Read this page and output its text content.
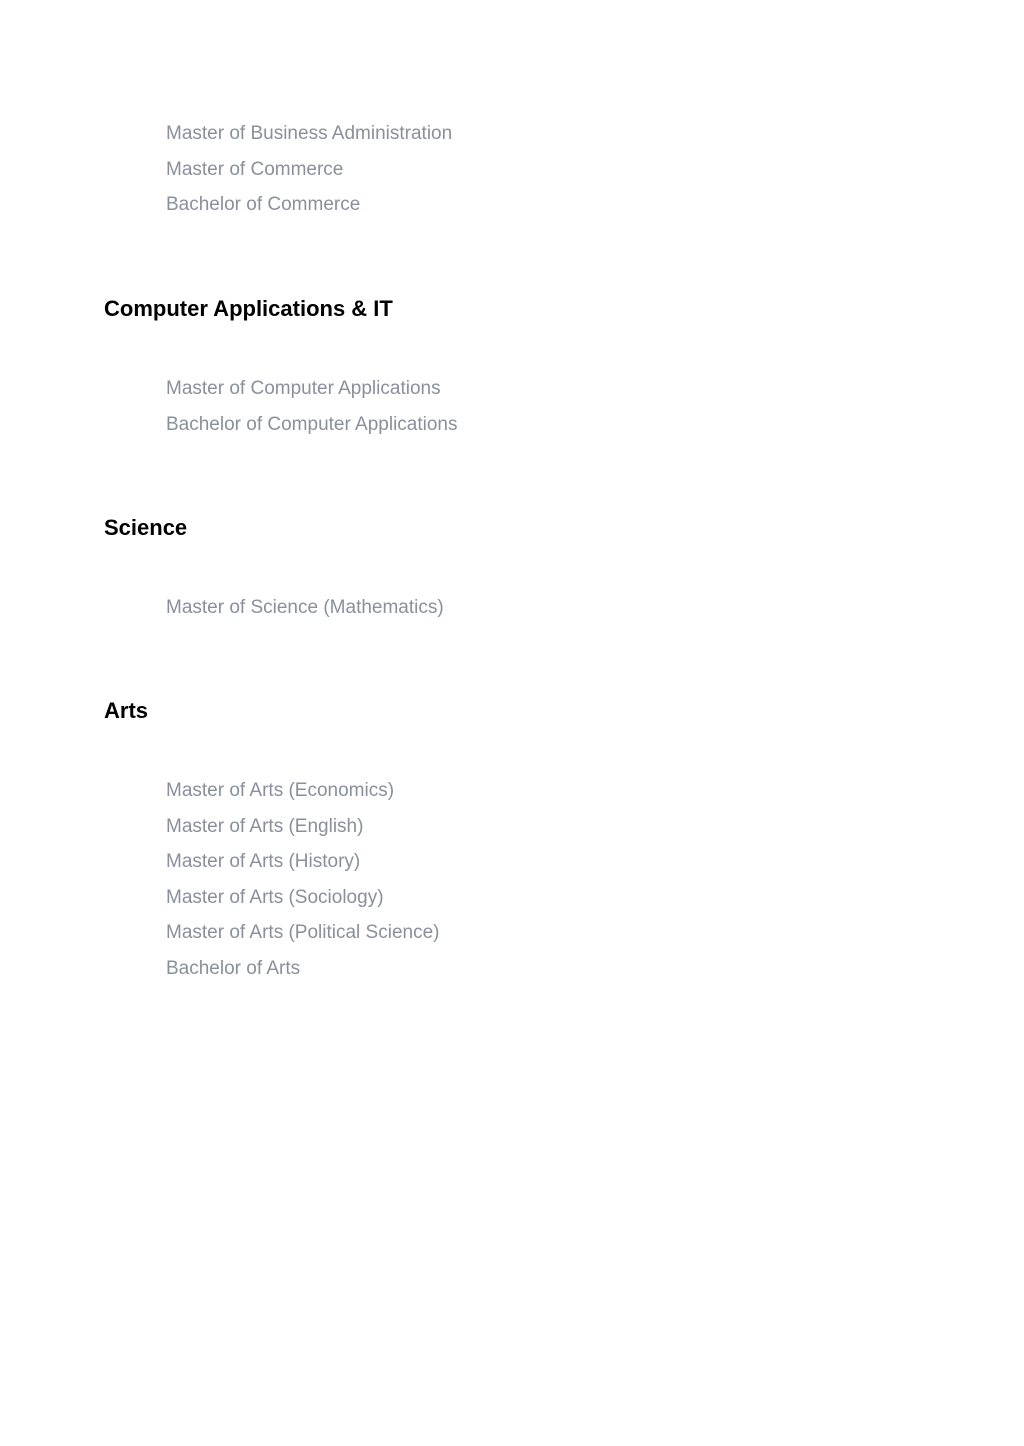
Master of Business Administration
Master of Commerce
Bachelor of Commerce
Computer Applications & IT
Master of Computer Applications
Bachelor of Computer Applications
Science
Master of Science (Mathematics)
Arts
Master of Arts (Economics)
Master of Arts (English)
Master of Arts (History)
Master of Arts (Sociology)
Master of Arts (Political Science)
Bachelor of Arts
